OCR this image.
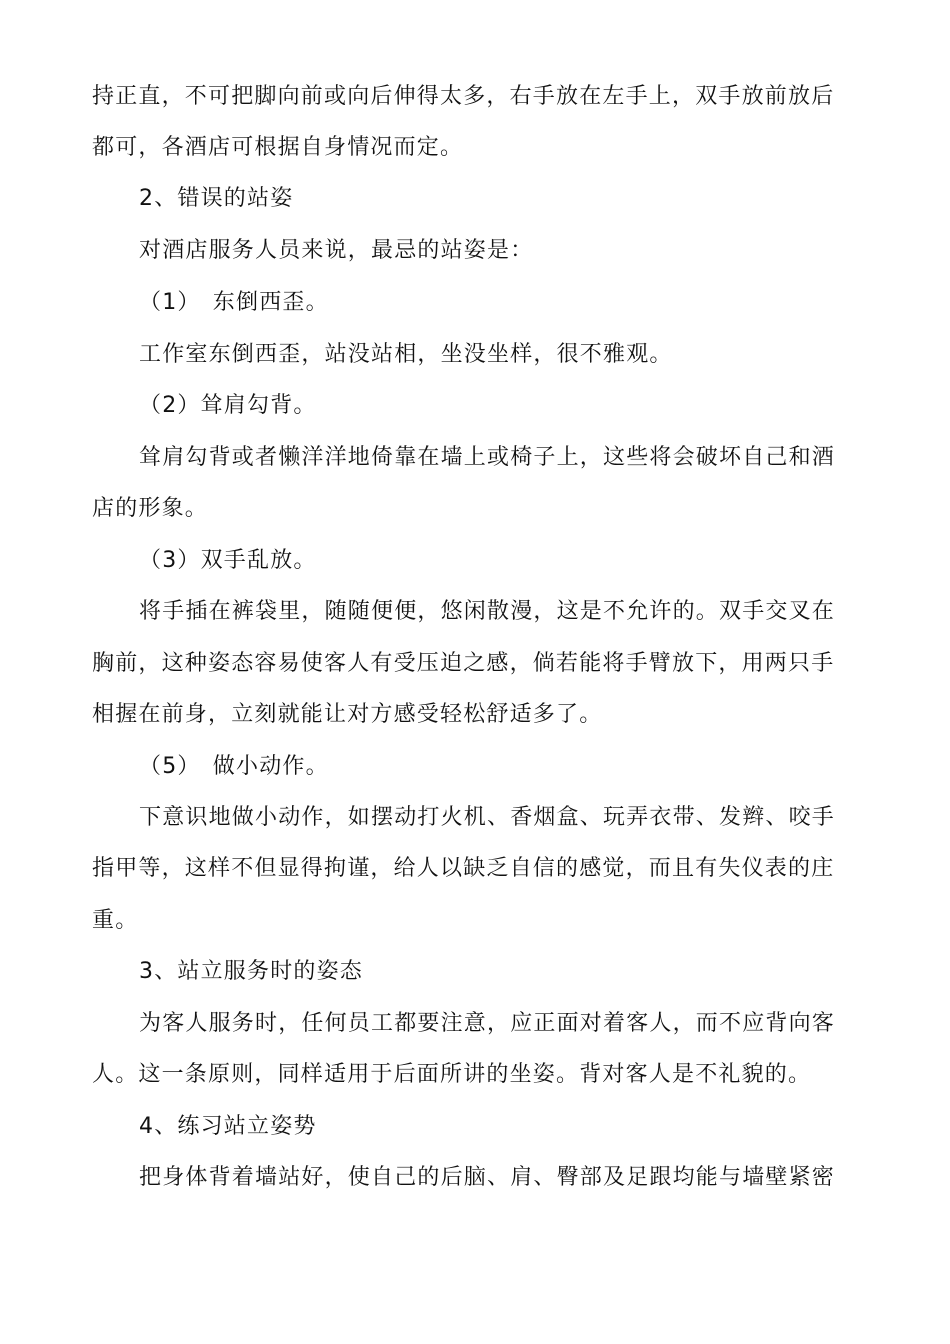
持正直，不可把脚向前或向后伸得太多，右手放在左手上，双手放前放后
都可，各酒店可根据自身情况而定。
2、错误的站姿
对酒店服务人员来说，最忌的站姿是：
（1）　东倒西歪。
工作室东倒西歪，站没站相，坐没坐样，很不雅观。
（2）耸肩勾背。
耸肩勾背或者懒洋洋地倚靠在墙上或椅子上，这些将会破坏自己和酒
店的形象。
（3）双手乱放。
将手插在裤袋里，随随便便，悠闲散漫，这是不允许的。双手交叉在
胸前，这种姿态容易使客人有受压迫之感，倘若能将手臂放下，用两只手
相握在前身，立刻就能让对方感受轻松舒适多了。
（5）　做小动作。
下意识地做小动作，如摆动打火机、香烟盒、玩弄衣带、发辫、咬手
指甲等，这样不但显得拘谨，给人以缺乏自信的感觉，而且有失仪表的庄
重。
3、站立服务时的姿态
为客人服务时，任何员工都要注意，应正面对着客人，而不应背向客
人。这一条原则，同样适用于后面所讲的坐姿。背对客人是不礼貌的。
4、练习站立姿势
把身体背着墙站好，使自己的后脑、肩、臀部及足跟均能与墙壁紧密
